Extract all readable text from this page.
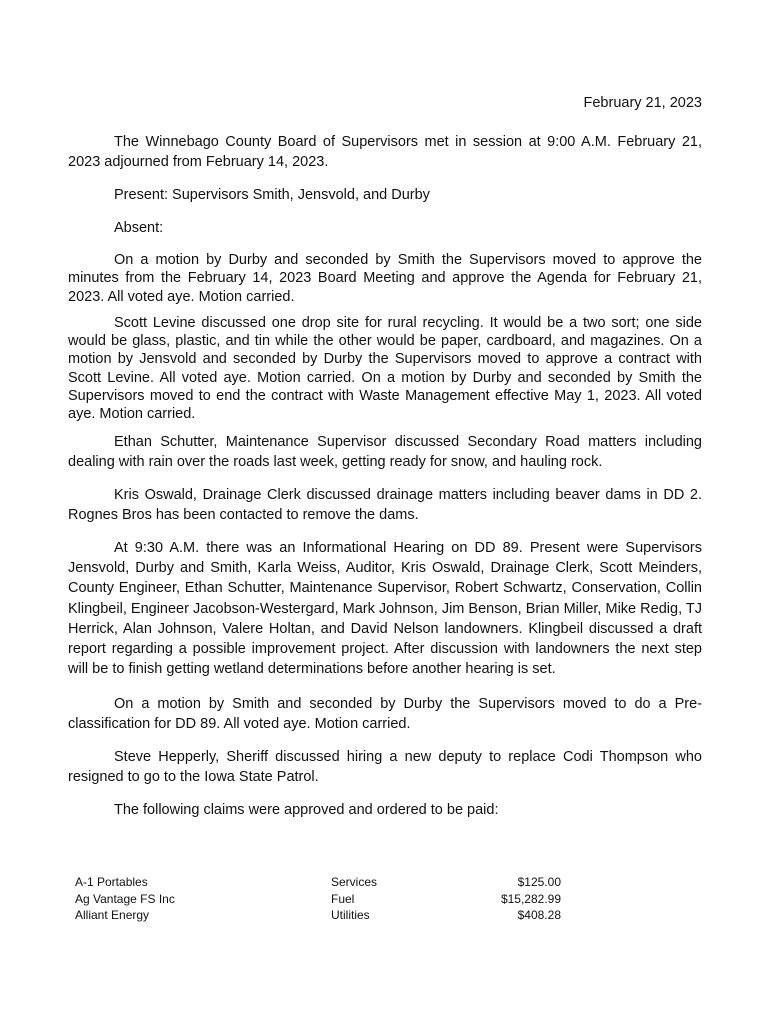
February 21, 2023

The Winnebago County Board of Supervisors met in session at 9:00 A.M. February 21, 2023 adjourned from February 14, 2023.

Present: Supervisors Smith, Jensvold, and Durby

Absent:

On a motion by Durby and seconded by Smith the Supervisors moved to approve the minutes from the February 14, 2023 Board Meeting and approve the Agenda for February 21, 2023. All voted aye. Motion carried.

Scott Levine discussed one drop site for rural recycling. It would be a two sort; one side would be glass, plastic, and tin while the other would be paper, cardboard, and magazines. On a motion by Jensvold and seconded by Durby the Supervisors moved to approve a contract with Scott Levine. All voted aye. Motion carried. On a motion by Durby and seconded by Smith the Supervisors moved to end the contract with Waste Management effective May 1, 2023. All voted aye. Motion carried.

Ethan Schutter, Maintenance Supervisor discussed Secondary Road matters including dealing with rain over the roads last week, getting ready for snow, and hauling rock.

Kris Oswald, Drainage Clerk discussed drainage matters including beaver dams in DD 2. Rognes Bros has been contacted to remove the dams.

At 9:30 A.M. there was an Informational Hearing on DD 89. Present were Supervisors Jensvold, Durby and Smith, Karla Weiss, Auditor, Kris Oswald, Drainage Clerk, Scott Meinders, County Engineer, Ethan Schutter, Maintenance Supervisor, Robert Schwartz, Conservation, Collin Klingbeil, Engineer Jacobson-Westergard, Mark Johnson, Jim Benson, Brian Miller, Mike Redig, TJ Herrick, Alan Johnson, Valere Holtan, and David Nelson landowners. Klingbeil discussed a draft report regarding a possible improvement project. After discussion with landowners the next step will be to finish getting wetland determinations before another hearing is set.

On a motion by Smith and seconded by Durby the Supervisors moved to do a Pre-classification for DD 89. All voted aye. Motion carried.

Steve Hepperly, Sheriff discussed hiring a new deputy to replace Codi Thompson who resigned to go to the Iowa State Patrol.

The following claims were approved and ordered to be paid:

A-1 Portables	Services	$125.00
Ag Vantage FS Inc	Fuel	$15,282.99
Alliant Energy	Utilities	$408.28
